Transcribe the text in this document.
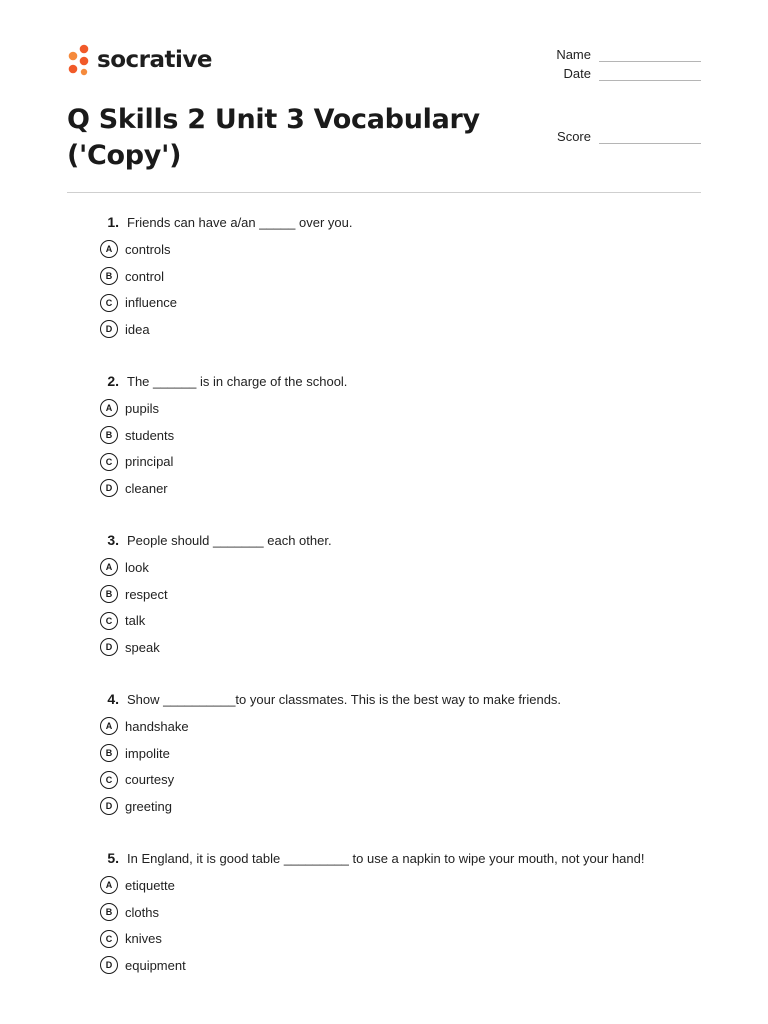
socrative	Name
Date
Score
Q Skills 2 Unit 3 Vocabulary ('Copy')
1. Friends can have a/an _____ over you.
A controls
B control
C influence
D idea
2. The ______ is in charge of the school.
A pupils
B students
C principal
D cleaner
3. People should _______ each other.
A look
B respect
C talk
D speak
4. Show __________to your classmates. This is the best way to make friends.
A handshake
B impolite
C courtesy
D greeting
5. In England, it is good table _________ to use a napkin to wipe your mouth, not your hand!
A etiquette
B cloths
C knives
D equipment
